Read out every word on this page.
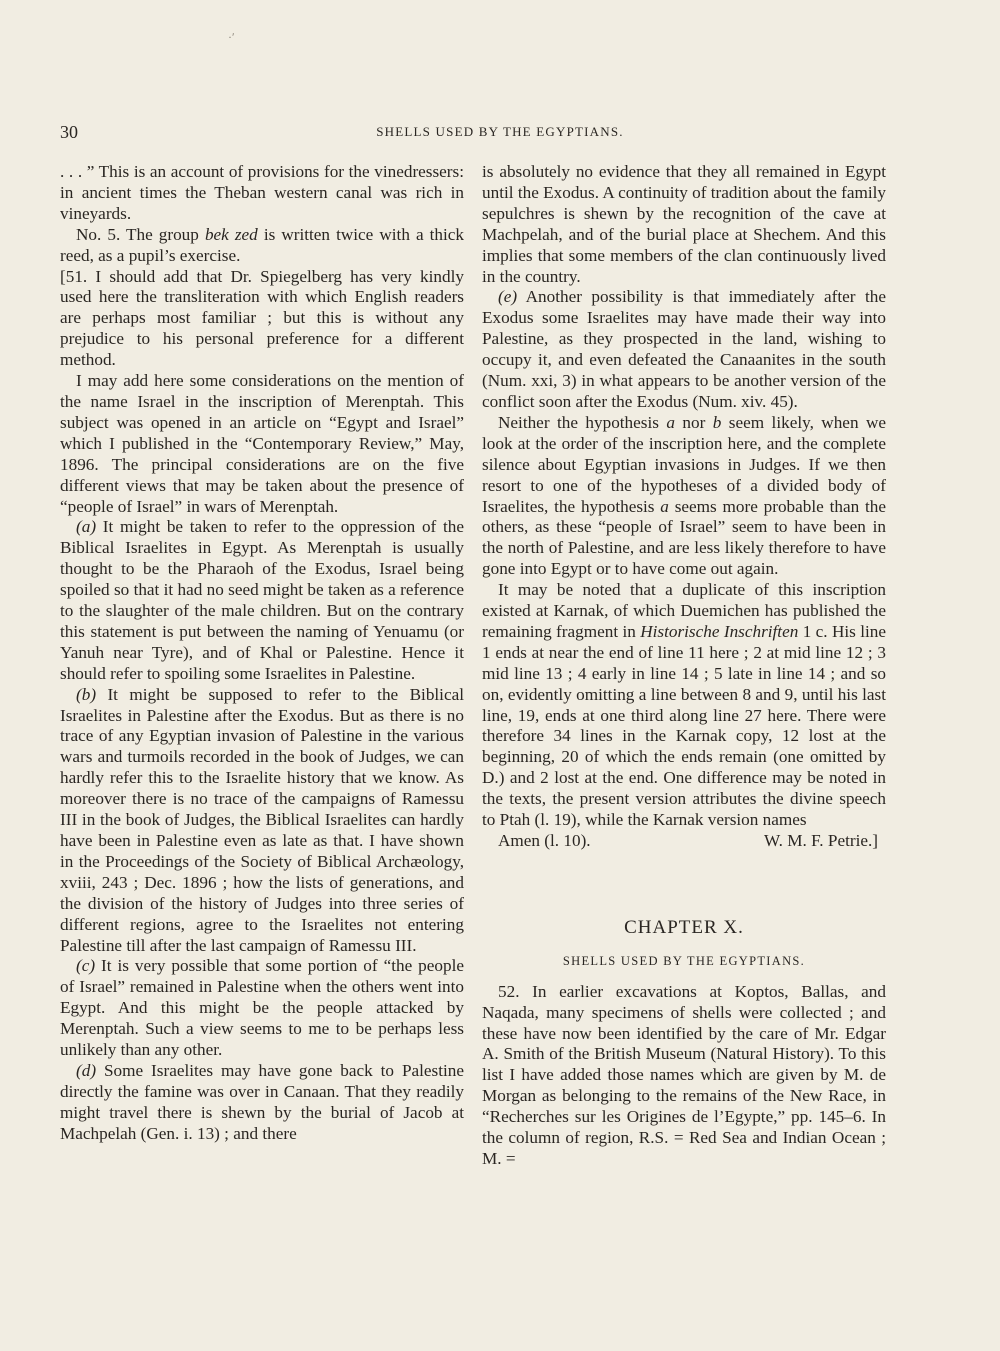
·ʹ
30	SHELLS USED BY THE EGYPTIANS.

. . . ” This is an account of provisions for the vinedressers: in ancient times the Theban western canal was rich in vineyards.

No. 5. The group bek zed is written twice with a thick reed, as a pupil’s exercise.

[51. I should add that Dr. Spiegelberg has very kindly used here the transliteration with which English readers are perhaps most familiar ; but this is without any prejudice to his personal preference for a different method.

I may add here some considerations on the mention of the name Israel in the inscription of Merenptah. This subject was opened in an article on “Egypt and Israel” which I published in the “Contemporary Review,” May, 1896. The principal considerations are on the five different views that may be taken about the presence of “people of Israel” in wars of Merenptah.

(a) It might be taken to refer to the oppression of the Biblical Israelites in Egypt. As Merenptah is usually thought to be the Pharaoh of the Exodus, Israel being spoiled so that it had no seed might be taken as a reference to the slaughter of the male children. But on the contrary this statement is put between the naming of Yenuamu (or Yanuh near Tyre), and of Khal or Palestine. Hence it should refer to spoiling some Israelites in Palestine.

(b) It might be supposed to refer to the Biblical Israelites in Palestine after the Exodus. But as there is no trace of any Egyptian invasion of Palestine in the various wars and turmoils recorded in the book of Judges, we can hardly refer this to the Israelite history that we know. As moreover there is no trace of the campaigns of Ramessu III in the book of Judges, the Biblical Israelites can hardly have been in Palestine even as late as that. I have shown in the Proceedings of the Society of Biblical Archæology, xviii, 243 ; Dec. 1896 ; how the lists of generations, and the division of the history of Judges into three series of different regions, agree to the Israelites not entering Palestine till after the last campaign of Ramessu III.

(c) It is very possible that some portion of “the people of Israel” remained in Palestine when the others went into Egypt. And this might be the people attacked by Merenptah. Such a view seems to me to be perhaps less unlikely than any other.

(d) Some Israelites may have gone back to Palestine directly the famine was over in Canaan. That they readily might travel there is shewn by the burial of Jacob at Machpelah (Gen. i. 13) ; and there

is absolutely no evidence that they all remained in Egypt until the Exodus. A continuity of tradition about the family sepulchres is shewn by the recognition of the cave at Machpelah, and of the burial place at Shechem. And this implies that some members of the clan continuously lived in the country.

(e) Another possibility is that immediately after the Exodus some Israelites may have made their way into Palestine, as they prospected in the land, wishing to occupy it, and even defeated the Canaanites in the south (Num. xxi, 3) in what appears to be another version of the conflict soon after the Exodus (Num. xiv. 45).

Neither the hypothesis a nor b seem likely, when we look at the order of the inscription here, and the complete silence about Egyptian invasions in Judges. If we then resort to one of the hypotheses of a divided body of Israelites, the hypothesis a seems more probable than the others, as these “people of Israel” seem to have been in the north of Palestine, and are less likely therefore to have gone into Egypt or to have come out again.

It may be noted that a duplicate of this inscription existed at Karnak, of which Duemichen has published the remaining fragment in Historische Inschriften 1 c. His line 1 ends at near the end of line 11 here ; 2 at mid line 12 ; 3 mid line 13 ; 4 early in line 14 ; 5 late in line 14 ; and so on, evidently omitting a line between 8 and 9, until his last line, 19, ends at one third along line 27 here. There were therefore 34 lines in the Karnak copy, 12 lost at the beginning, 20 of which the ends remain (one omitted by D.) and 2 lost at the end. One difference may be noted in the texts, the present version attributes the divine speech to Ptah (l. 19), while the Karnak version names

Amen (l. 10).	W. M. F. Petrie.]

CHAPTER X.
SHELLS USED BY THE EGYPTIANS.

52. In earlier excavations at Koptos, Ballas, and Naqada, many specimens of shells were collected ; and these have now been identified by the care of Mr. Edgar A. Smith of the British Museum (Natural History). To this list I have added those names which are given by M. de Morgan as belonging to the remains of the New Race, in “Recherches sur les Origines de l’Egypte,” pp. 145–6. In the column of region, R.S. = Red Sea and Indian Ocean ; M. =
